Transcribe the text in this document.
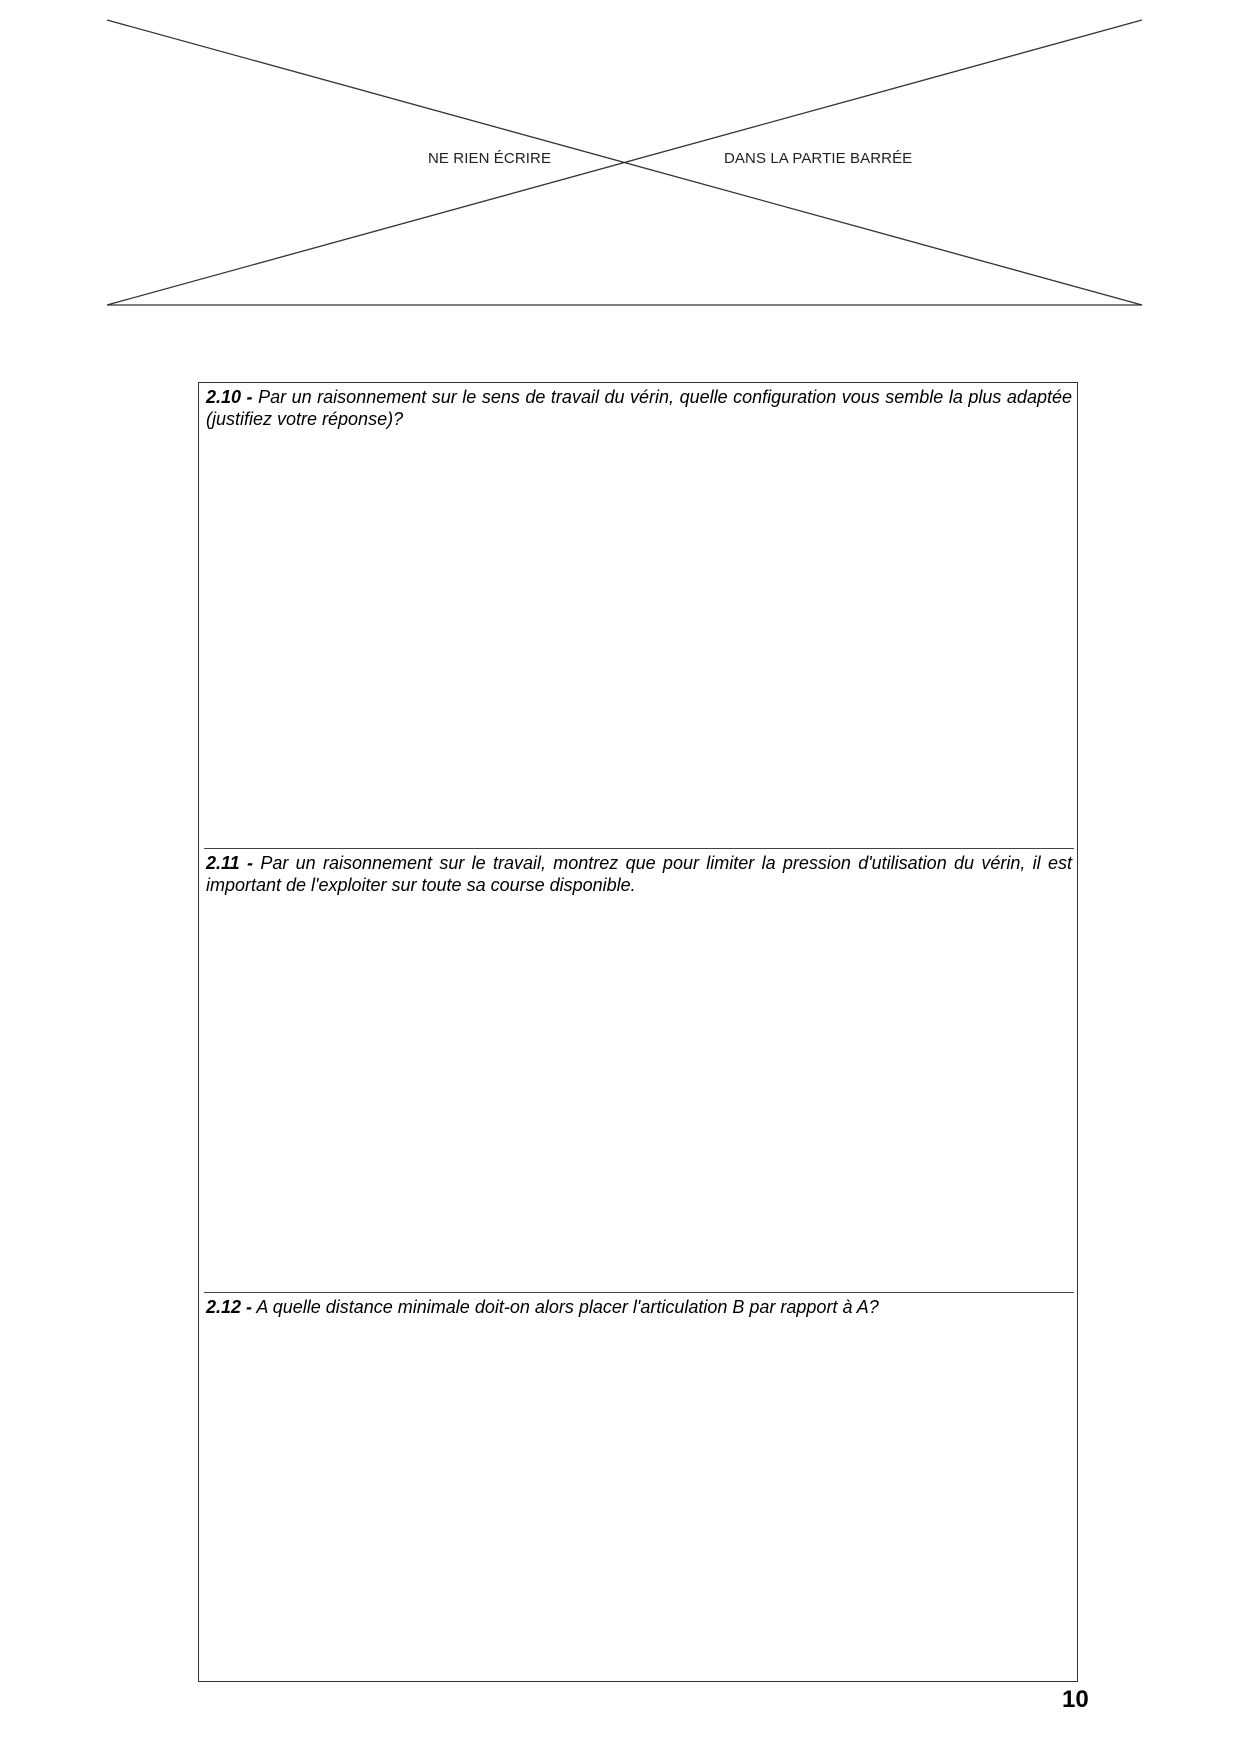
NE RIEN ÉCRIRE	DANS LA PARTIE BARRÉE
2.10 - Par un raisonnement sur le sens de travail du vérin, quelle configuration vous semble la plus adaptée (justifiez votre réponse)?
2.11 - Par un raisonnement sur le travail, montrez que pour limiter la pression d'utilisation du vérin, il est important de l'exploiter sur toute sa course disponible.
2.12 - A quelle distance minimale doit-on alors placer l'articulation B par rapport à A?
10
